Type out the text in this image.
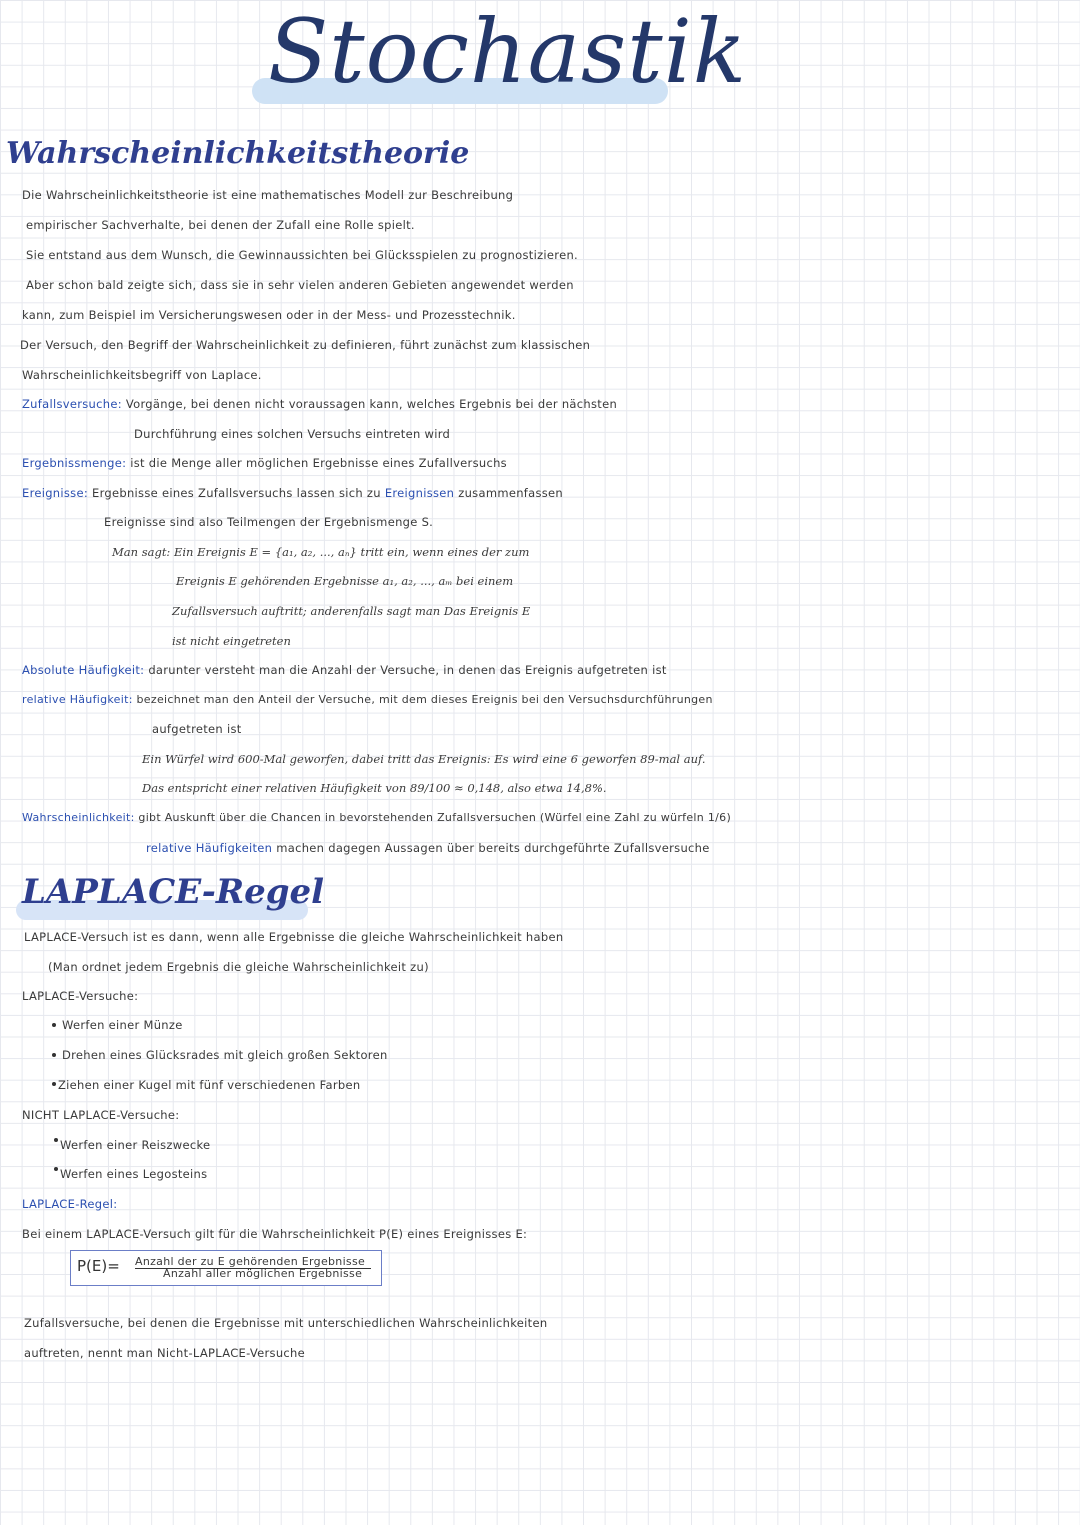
Stochastik
Wahrscheinlichkeitstheorie
Die Wahrscheinlichkeitstheorie ist eine mathematisches Modell zur Beschreibung
empirischer Sachverhalte, bei denen der Zufall eine Rolle spielt.
Sie entstand aus dem Wunsch, die Gewinnaussichten bei Glücksspielen zu prognostizieren.
Aber schon bald zeigte sich, dass sie in sehr vielen anderen Gebieten angewendet werden
kann, zum Beispiel im Versicherungswesen oder in der Mess- und Prozesstechnik.
Der Versuch, den Begriff der Wahrscheinlichkeit zu definieren, führt zunächst zum klassischen
Wahrscheinlichkeitsbegriff von Laplace.
Zufallsversuche: Vorgänge, bei denen nicht voraussagen kann, welches Ergebnis bei der nächsten
Durchführung eines solchen Versuchs eintreten wird
Ergebnissmenge: ist die Menge aller möglichen Ergebnisse eines Zufallversuchs
Ereignisse: Ergebnisse eines Zufallsversuchs lassen sich zu Ereignissen zusammenfassen
Ereignisse sind also Teilmengen der Ergebnismenge S.
Man sagt: Ein Ereignis E = {a₁, a₂, ..., aₙ} tritt ein, wenn eines der zum
Ereignis E gehörenden Ergebnisse a₁, a₂, ..., aₘ bei einem
Zufallsversuch auftritt; anderenfalls sagt man Das Ereignis E
ist nicht eingetreten
Absolute Häufigkeit: darunter versteht man die Anzahl der Versuche, in denen das Ereignis aufgetreten ist
relative Häufigkeit: bezeichnet man den Anteil der Versuche, mit dem dieses Ereignis bei den Versuchsdurchführungen
aufgetreten ist
Ein Würfel wird 600-Mal geworfen, dabei tritt das Ereignis: Es wird eine 6 geworfen 89-mal auf.
Das entspricht einer relativen Häufigkeit von 89/100 ≈ 0,148, also etwa 14,8%.
Wahrscheinlichkeit: gibt Auskunft über die Chancen in bevorstehenden Zufallsversuchen (Würfel eine Zahl zu würfeln 1/6)
relative Häufigkeiten machen dagegen Aussagen über bereits durchgeführte Zufallsversuche
LAPLACE-Regel
LAPLACE-Versuch ist es dann, wenn alle Ergebnisse die gleiche Wahrscheinlichkeit haben
(Man ordnet jedem Ergebnis die gleiche Wahrscheinlichkeit zu)
LAPLACE-Versuche:
Werfen einer Münze
Drehen eines Glücksrades mit gleich großen Sektoren
Ziehen einer Kugel mit fünf verschiedenen Farben
NICHT LAPLACE-Versuche:
Werfen einer Reiszwecke
Werfen eines Legosteins
LAPLACE-Regel:
Bei einem LAPLACE-Versuch gilt für die Wahrscheinlichkeit P(E) eines Ereignisses E:
P(E)= Anzahl der zu E gehörenden Ergebnisse
Anzahl aller möglichen Ergebnisse
Zufallsversuche, bei denen die Ergebnisse mit unterschiedlichen Wahrscheinlichkeiten
auftreten, nennt man Nicht-LAPLACE-Versuche
